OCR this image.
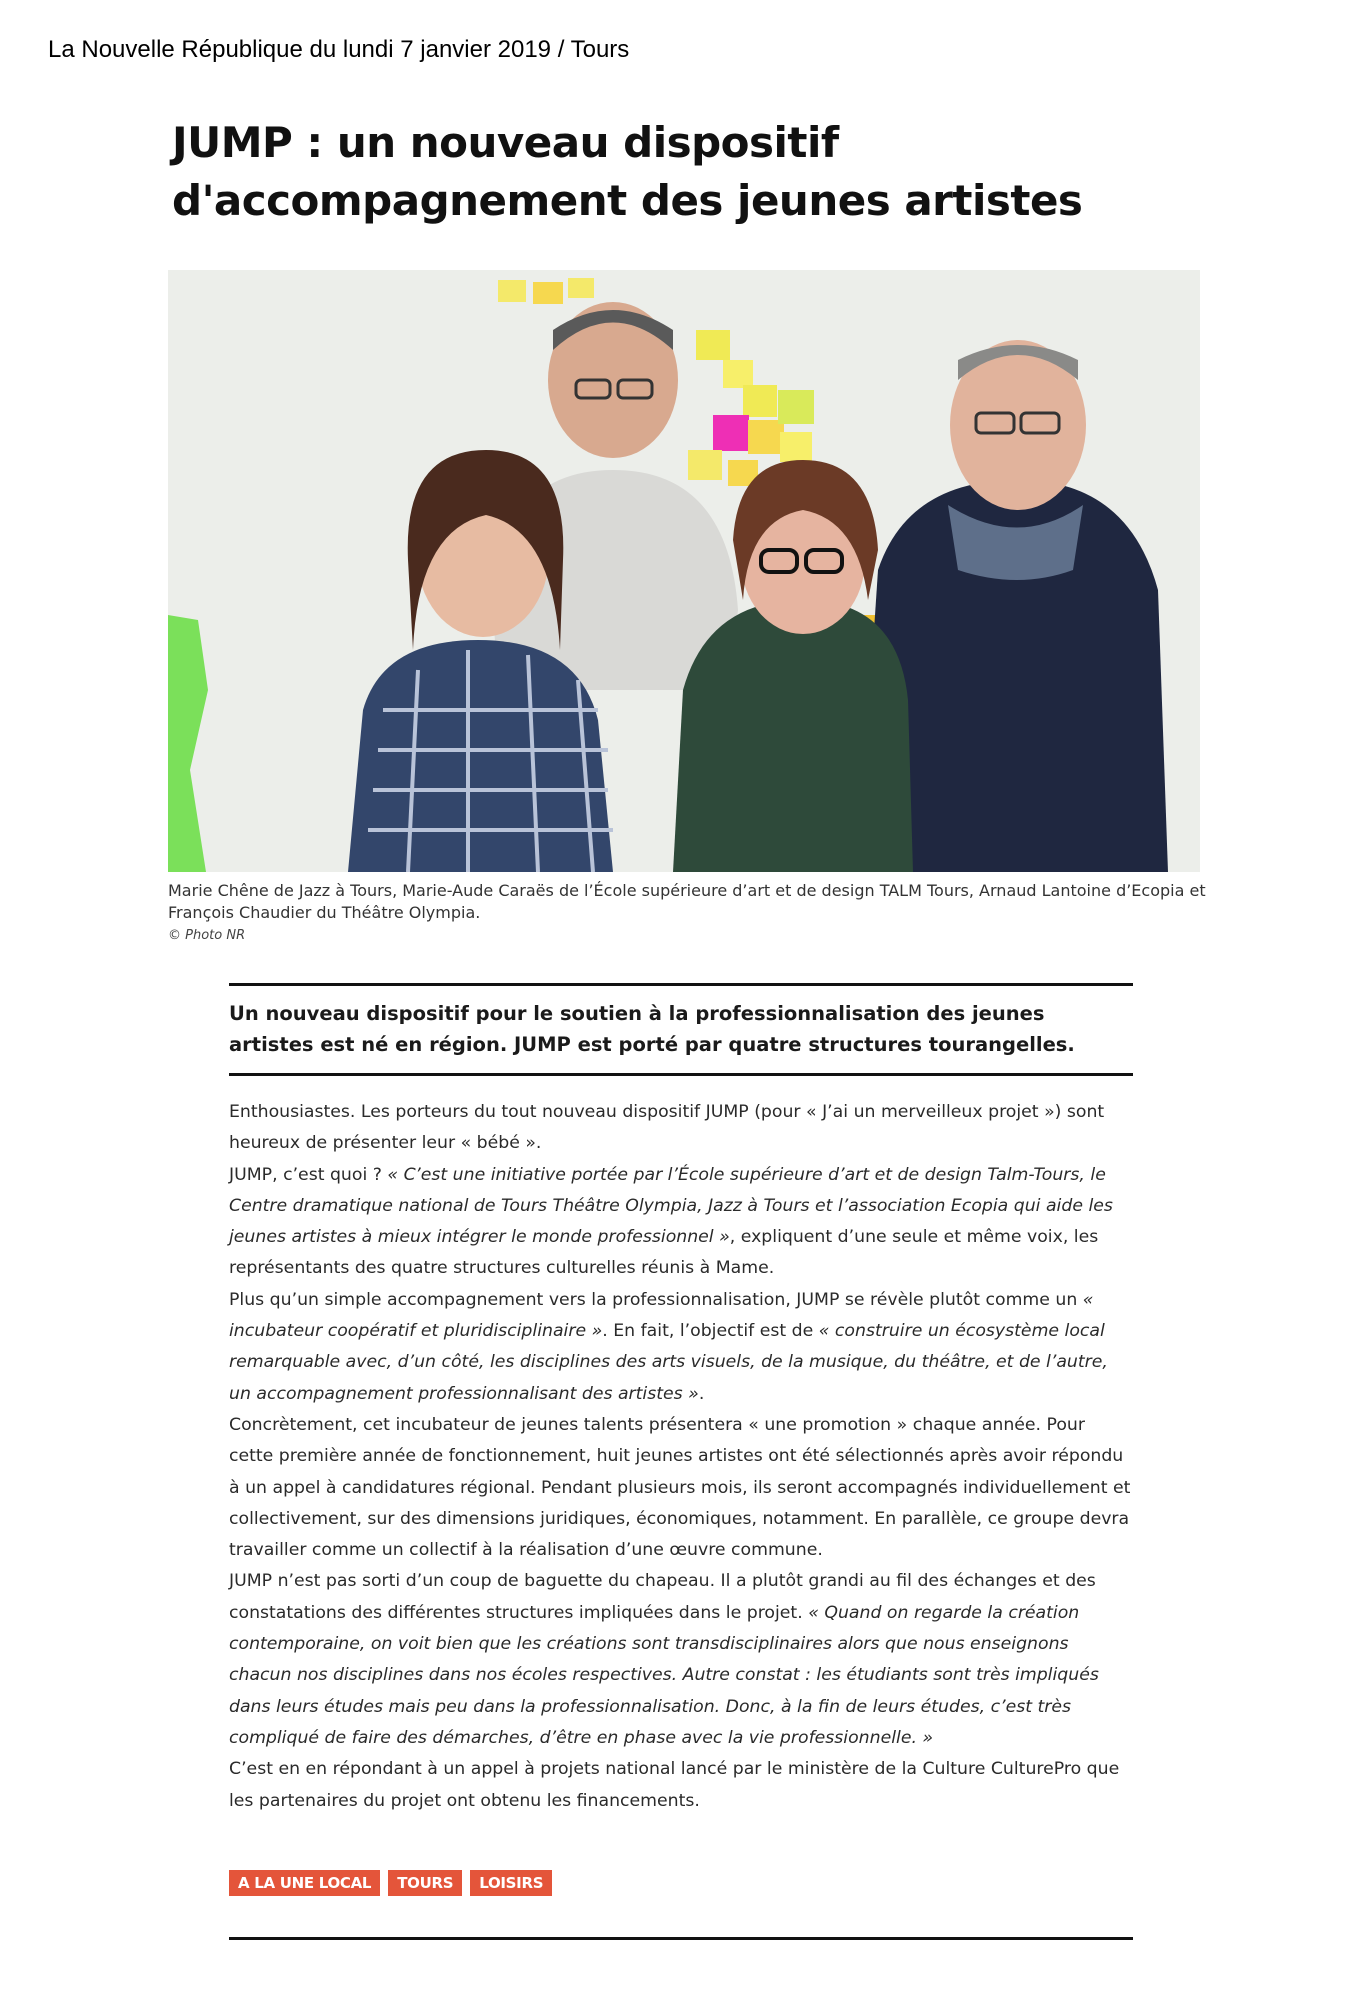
La Nouvelle République du lundi 7 janvier 2019 / Tours
JUMP : un nouveau dispositif
d'accompagnement des jeunes artistes
Marie Chêne de Jazz à Tours, Marie-Aude Caraës de l’École supérieure d’art et de design TALM Tours, Arnaud Lantoine d’Ecopia et François Chaudier du Théâtre Olympia.
© Photo NR
Un nouveau dispositif pour le soutien à la professionnalisation des jeunes artistes est né en région. JUMP est porté par quatre structures tourangelles.

Enthousiastes. Les porteurs du tout nouveau dispositif JUMP (pour « J’ai un merveilleux projet ») sont heureux de présenter leur « bébé ».

JUMP, c’est quoi ? « C’est une initiative portée par l’École supérieure d’art et de design Talm-Tours, le Centre dramatique national de Tours Théâtre Olympia, Jazz à Tours et l’association Ecopia qui aide les jeunes artistes à mieux intégrer le monde professionnel », expliquent d’une seule et même voix, les représentants des quatre structures culturelles réunis à Mame.

Plus qu’un simple accompagnement vers la professionnalisation, JUMP se révèle plutôt comme un « incubateur coopératif et pluridisciplinaire ». En fait, l’objectif est de « construire un écosystème local remarquable avec, d’un côté, les disciplines des arts visuels, de la musique, du théâtre, et de l’autre, un accompagnement professionnalisant des artistes ».

Concrètement, cet incubateur de jeunes talents présentera « une promotion » chaque année. Pour cette première année de fonctionnement, huit jeunes artistes ont été sélectionnés après avoir répondu à un appel à candidatures régional. Pendant plusieurs mois, ils seront accompagnés individuellement et collectivement, sur des dimensions juridiques, économiques, notamment. En parallèle, ce groupe devra travailler comme un collectif à la réalisation d’une œuvre commune.

JUMP n’est pas sorti d’un coup de baguette du chapeau. Il a plutôt grandi au fil des échanges et des constatations des différentes structures impliquées dans le projet. « Quand on regarde la création contemporaine, on voit bien que les créations sont transdisciplinaires alors que nous enseignons chacun nos disciplines dans nos écoles respectives. Autre constat : les étudiants sont très impliqués dans leurs études mais peu dans la professionnalisation. Donc, à la fin de leurs études, c’est très compliqué de faire des démarches, d’être en phase avec la vie professionnelle. »

C’est en en répondant à un appel à projets national lancé par le ministère de la Culture CulturePro que les partenaires du projet ont obtenu les financements.

A LA UNE LOCAL	TOURS	LOISIRS
